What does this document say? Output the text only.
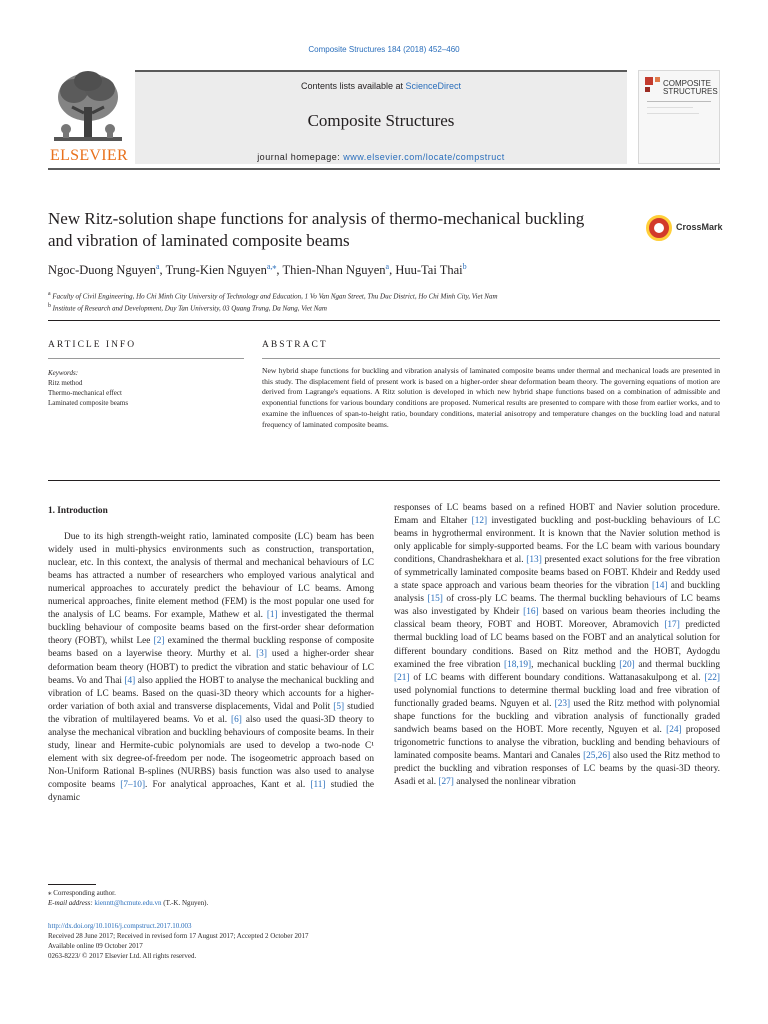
Composite Structures 184 (2018) 452–460
ELSEVIER
Contents lists available at ScienceDirect
Composite Structures
journal homepage: www.elsevier.com/locate/compstruct
COMPOSITE
STRUCTURES
New Ritz-solution shape functions for analysis of thermo-mechanical buckling and vibration of laminated composite beams
CrossMark
Ngoc-Duong Nguyen$^a$, Trung-Kien Nguyen$^{a,⁎}$, Thien-Nhan Nguyen$^a$, Huu-Tai Thai$^b$
$^a$ Faculty of Civil Engineering, Ho Chi Minh City University of Technology and Education, 1 Vo Van Ngan Street, Thu Duc District, Ho Chi Minh City, Viet Nam
$^b$ Institute of Research and Development, Duy Tan University, 03 Quang Trung, Da Nang, Viet Nam
ARTICLE INFO	ABSTRACT
Keywords:
Ritz method
Thermo-mechanical effect
Laminated composite beams
New hybrid shape functions for buckling and vibration analysis of laminated composite beams under thermal and mechanical loads are presented in this study. The displacement field of present work is based on a higher-order shear deformation beam theory. The governing equations of motion are derived from Lagrange's equations. A Ritz solution is developed in which new hybrid shape functions based on a combination of admissible and exponential functions for various boundary conditions are proposed. Numerical results are presented to compare with those from earlier works, and to examine the influences of span-to-height ratio, boundary conditions, material anisotropy and temperature changes on the buckling load and natural frequency of laminated composite beams.
1. Introduction

Due to its high strength-weight ratio, laminated composite (LC) beam has been widely used in multi-physics environments such as construction, transportation, nuclear, etc. In this context, the analysis of thermal and mechanical behaviours of LC beams has attracted a number of researchers who employed various analytical and numerical approaches to accurately predict the behaviour of LC beams. Among numerical approaches, finite element method (FEM) is the most popular one used for the analysis of LC beams. For example, Mathew et al. [1] investigated the thermal buckling behaviour of composite beams based on the first-order shear deformation theory (FOBT), whilst Lee [2] examined the thermal buckling response of composite beams based on a layerwise theory. Murthy et al. [3] used a higher-order shear deformation beam theory (HOBT) to predict the vibration and static behaviour of LC beams. Vo and Thai [4] also applied the HOBT to analyse the mechanical buckling and vibration of LC beams. Based on the quasi-3D theory which accounts for a higher-order variation of both axial and transverse displacements, Vidal and Polit [5] studied the vibration of multilayered beams. Vo et al. [6] also used the quasi-3D theory to analyse the mechanical vibration and buckling behaviours of composite beams. In their study, linear and Hermite-cubic polynomials are used to develop a two-node C¹ element with six degree-of-freedom per node. The isogeometric approach based on Non-Uniform Rational B-splines (NURBS) basis function was also used to analyse composite beams [7–10]. For analytical approaches, Kant et al. [11] studied the dynamic

responses of LC beams based on a refined HOBT and Navier solution procedure. Emam and Eltaher [12] investigated buckling and post-buckling behaviours of LC beams in hygrothermal environment. It is known that the Navier solution method is only applicable for simply-supported beams. For the LC beam with various boundary conditions, Chandrashekhara et al. [13] presented exact solutions for the free vibration of symmetrically laminated composite beams based on FOBT. Khdeir and Reddy used a state space approach and various beam theories for the vibration [14] and buckling analysis [15] of cross-ply LC beams. The thermal buckling behaviours of LC beams was also investigated by Khdeir [16] based on various beam theories including the classical beam theory, FOBT and HOBT. Moreover, Abramovich [17] predicted thermal buckling load of LC beams based on the FOBT and an analytical solution for different boundary conditions. Based on Ritz method and the HOBT, Aydogdu examined the free vibration [18,19], mechanical buckling [20] and thermal buckling [21] of LC beams with different boundary conditions. Wattanasakulpong et al. [22] used polynomial functions to determine thermal buckling load and free vibration of functionally graded beams. Nguyen et al. [23] used the Ritz method with polynomial shape functions for the buckling and vibration analysis of functionally graded sandwich beams based on the HOBT. More recently, Nguyen et al. [24] proposed trigonometric functions to analyse the vibration, buckling and bending behaviours of laminated composite beams. Mantari and Canales [25,26] also used the Ritz method to predict the buckling and vibration responses of LC beams by the quasi-3D theory. Asadi et al. [27] analysed the nonlinear vibration

⁎ Corresponding author.
E-mail address: kienntt@hcmute.edu.vn (T.-K. Nguyen).
http://dx.doi.org/10.1016/j.compstruct.2017.10.003
Received 28 June 2017; Received in revised form 17 August 2017; Accepted 2 October 2017
Available online 09 October 2017
0263-8223/ © 2017 Elsevier Ltd. All rights reserved.
